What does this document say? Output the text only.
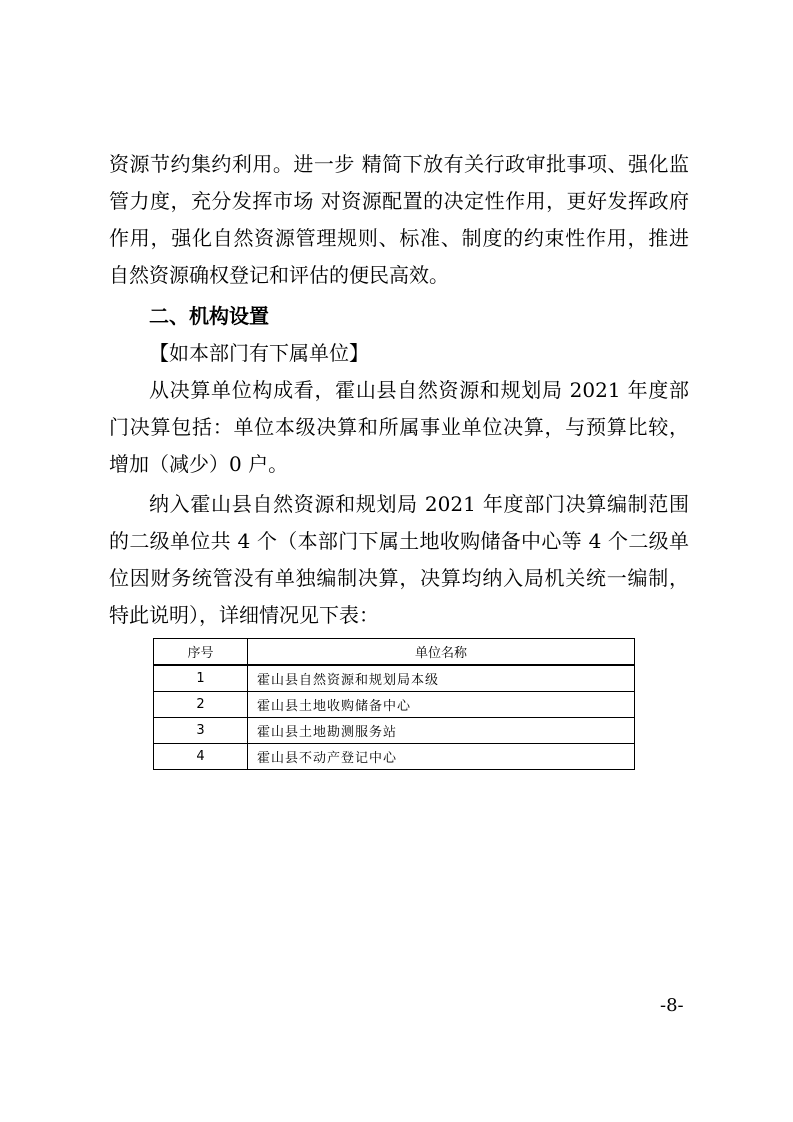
资源节约集约利用。进一步 精简下放有关行政审批事项、强化监
管力度，充分发挥市场 对资源配置的决定性作用，更好发挥政府
作用，强化自然资源管理规则、标准、制度的约束性作用，推进
自然资源确权登记和评估的便民高效。
二、机构设置
【如本部门有下属单位】
从决算单位构成看，霍山县自然资源和规划局 2021 年度部
门决算包括：单位本级决算和所属事业单位决算，与预算比较，
增加（减少）0 户。
纳入霍山县自然资源和规划局 2021 年度部门决算编制范围
的二级单位共 4 个（本部门下属土地收购储备中心等 4 个二级单
位因财务统管没有单独编制决算，决算均纳入局机关统一编制，
特此说明），详细情况见下表：
序号	单位名称
1	霍山县自然资源和规划局本级
2	霍山县土地收购储备中心
3	霍山县土地勘测服务站
4	霍山县不动产登记中心
-8-
